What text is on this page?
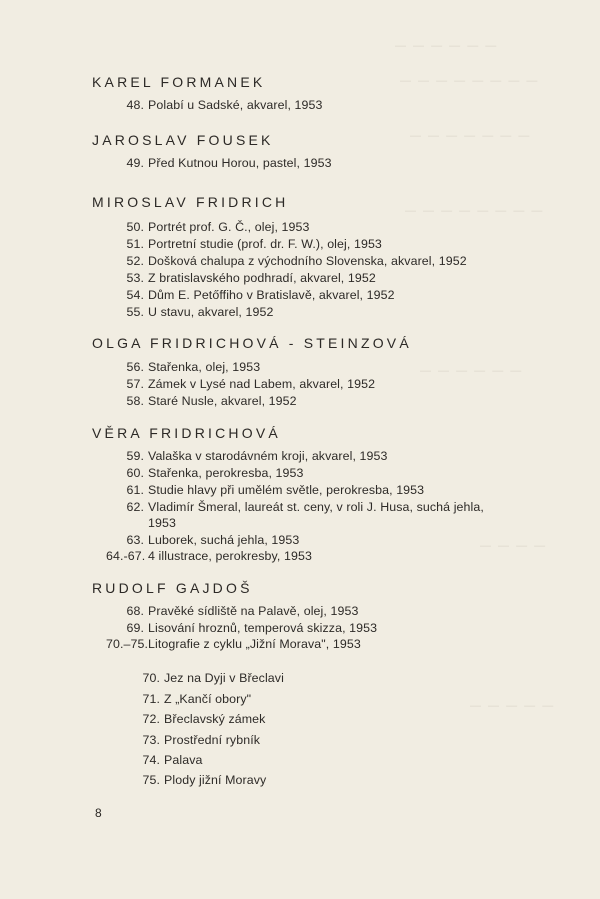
— — — — — —
— — — — — — — —
— — — — — — —
— — — — — — — —
— — — — — —
— — — —
— — — — —
KAREL FORMANEK
48. Polabí u Sadské, akvarel, 1953
JAROSLAV FOUSEK
49. Před Kutnou Horou, pastel, 1953
MIROSLAV FRIDRICH
50. Portrét prof. G. Č., olej, 1953
51. Portretní studie (prof. dr. F. W.), olej, 1953
52. Došková chalupa z východního Slovenska, akvarel, 1952
53. Z bratislavského podhradí, akvarel, 1952
54. Dům E. Petőffiho v Bratislavě, akvarel, 1952
55. U stavu, akvarel, 1952
OLGA FRIDRICHOVÁ - STEINZOVÁ
56. Stařenka, olej, 1953
57. Zámek v Lysé nad Labem, akvarel, 1952
58. Staré Nusle, akvarel, 1952
VĚRA FRIDRICHOVÁ
59. Valaška v starodávném kroji, akvarel, 1953
60. Stařenka, perokresba, 1953
61. Studie hlavy při umělém světle, perokresba, 1953
62. Vladimír Šmeral, laureát st. ceny, v roli J. Husa, suchá jehla,
1953
63. Luborek, suchá jehla, 1953
64.-67. 4 illustrace, perokresby, 1953
RUDOLF GAJDOŠ
68. Pravěké sídliště na Palavě, olej, 1953
69. Lisování hroznů, temperová skizza, 1953
70.–75.Litografie z cyklu „Jižní Morava", 1953
70. Jez na Dyji v Břeclavi
71. Z „Kančí obory"
72. Břeclavský zámek
73. Prostřední rybník
74. Palava
75. Plody jižní Moravy
8
